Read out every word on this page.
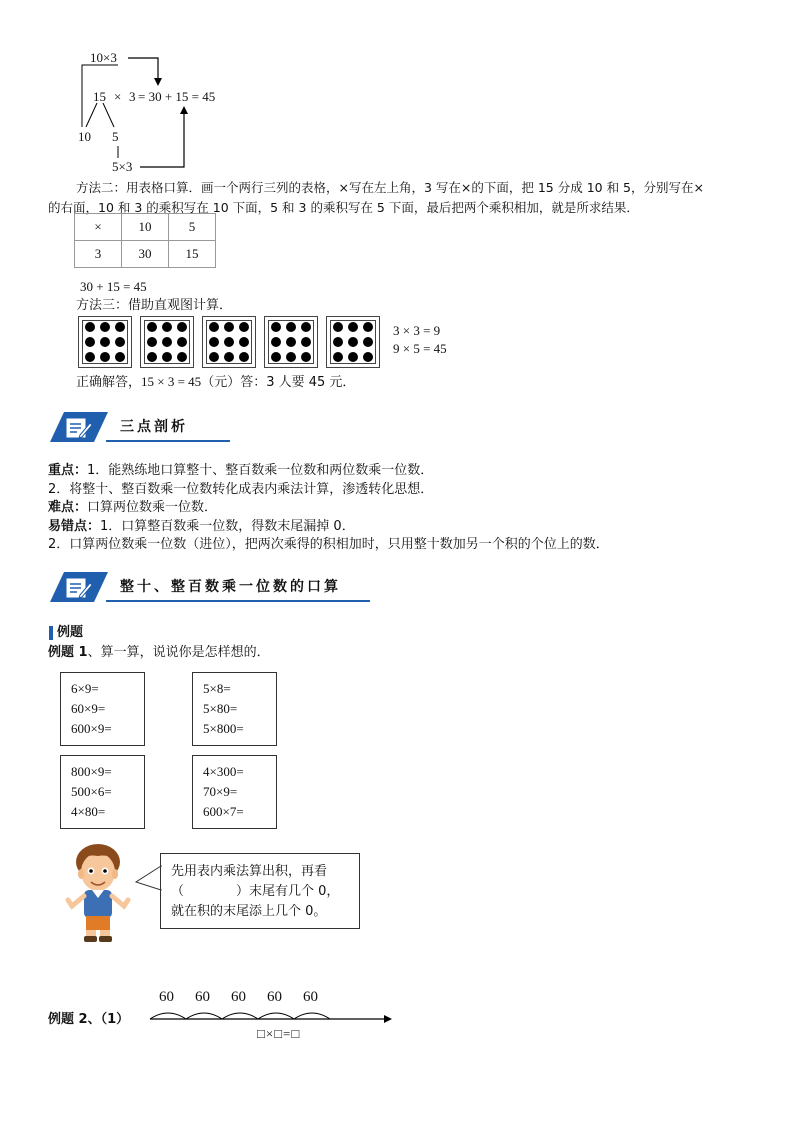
10×3
15 × 3 = 30 + 15 = 45
10 5
5×3
方法二：用表格口算．画一个两行三列的表格，×写在左上角，3 写在×的下面，把 15 分成 10 和 5，分别写在×
的右面，10 和 3 的乘积写在 10 下面，5 和 3 的乘积写在 5 下面，最后把两个乘积相加，就是所求结果．
×	10	5
3	30	15
30 + 15 = 45
方法三：借助直观图计算．
3 × 3 = 9
9 × 5 = 45
正确解答，15 × 3 = 45（元）答：3 人要 45 元．
三点剖析
重点：1．能熟练地口算整十、整百数乘一位数和两位数乘一位数．
2．将整十、整百数乘一位数转化成表内乘法计算，渗透转化思想．
难点：口算两位数乘一位数．
易错点：1．口算整百数乘一位数，得数末尾漏掉 0．
2．口算两位数乘一位数（进位），把两次乘得的积相加时，只用整十数加另一个积的个位上的数．
整十、整百数乘一位数的口算
例题
例题 1、算一算，说说你是怎样想的．
6×9=
60×9=
600×9=
5×8=
5×80=
5×800=
800×9=
500×6=
4×80=
4×300=
70×9=
600×7=
先用表内乘法算出积，再看
（　　　　）末尾有几个 0，
就在积的末尾添上几个 0。
例题 2、（1）
60 60 60 60 60
□×□=□
